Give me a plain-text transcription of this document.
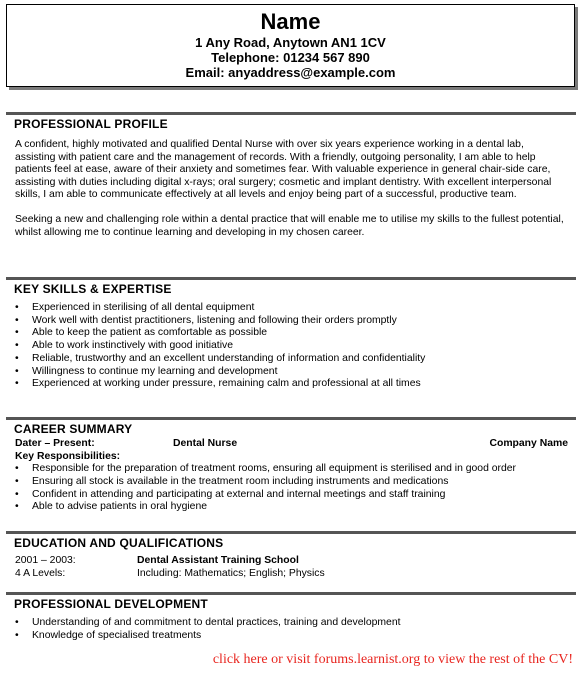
Name
1 Any Road, Anytown AN1 1CV
Telephone: 01234 567 890
Email: anyaddress@example.com
PROFESSIONAL PROFILE
A confident, highly motivated and qualified Dental Nurse with over six years experience working in a dental lab, assisting with patient care and the management of records. With a friendly, outgoing personality, I am able to help patients feel at ease, aware of their anxiety and sometimes fear. With valuable experience in general chair-side care, assisting with duties including digital x-rays; oral surgery; cosmetic and implant dentistry. With excellent interpersonal skills, I am able to communicate effectively at all levels and enjoy being part of a successful, productive team.
Seeking a new and challenging role within a dental practice that will enable me to utilise my skills to the fullest potential, whilst allowing me to continue learning and developing in my chosen career.
KEY SKILLS & EXPERTISE
• Experienced in sterilising of all dental equipment
• Work well with dentist practitioners, listening and following their orders promptly
• Able to keep the patient as comfortable as possible
• Able to work instinctively with good initiative
• Reliable, trustworthy and an excellent understanding of information and confidentiality
• Willingness to continue my learning and development
• Experienced at working under pressure, remaining calm and professional at all times
CAREER SUMMARY
Dater – Present:	Dental Nurse	Company Name
Key Responsibilities:
• Responsible for the preparation of treatment rooms, ensuring all equipment is sterilised and in good order
• Ensuring all stock is available in the treatment room including instruments and medications
• Confident in attending and participating at external and internal meetings and staff training
• Able to advise patients in oral hygiene
EDUCATION AND QUALIFICATIONS
2001 – 2003:	Dental Assistant Training School
4 A Levels:	Including: Mathematics; English; Physics
PROFESSIONAL DEVELOPMENT
• Understanding of and commitment to dental practices, training and development
• Knowledge of specialised treatments
click here or visit forums.learnist.org to view the rest of the CV!
